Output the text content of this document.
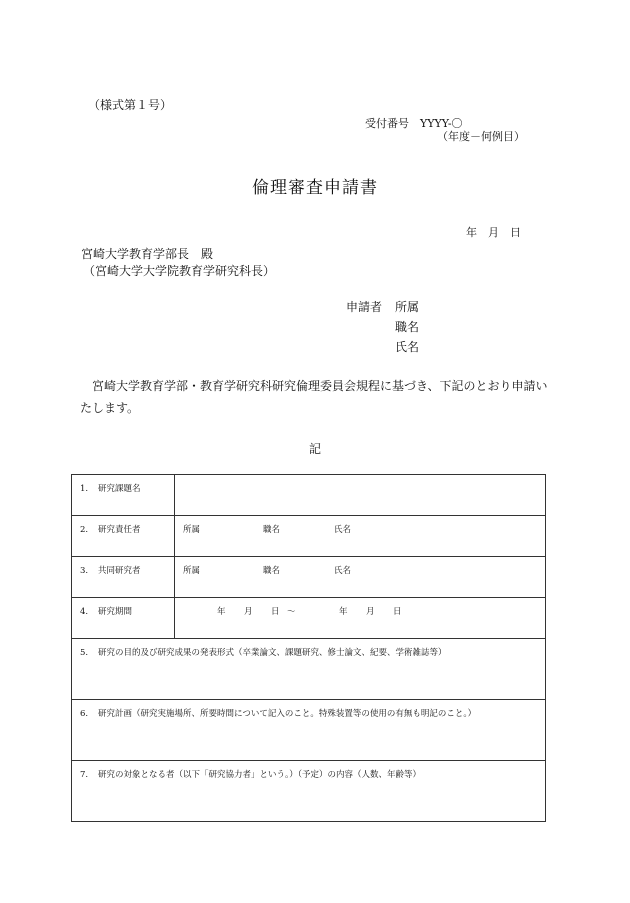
（様式第１号）
受付番号　YYYY-〇
（年度－何例目）
倫理審査申請書
年　月　日
宮崎大学教育学部長　殿
（宮崎大学大学院教育学研究科長）
申請者 所属
職名
氏名
宮崎大学教育学部・教育学研究科研究倫理委員会規程に基づき、下記のとおり申請いたします。
記
1. 研究課題名	

2. 研究責任者	所属 職名 氏名

3. 共同研究者	所属 職名 氏名

4. 研究期間	年 月 日 ～ 年 月 日

5. 研究の目的及び研究成果の発表形式（卒業論文、課題研究、修士論文、紀要、学術雑誌等）	

6. 研究計画（研究実施場所、所要時間について記入のこと。特殊装置等の使用の有無も明記のこと。）	

7. 研究の対象となる者（以下「研究協力者」という。）（予定）の内容（人数、年齢等）	
